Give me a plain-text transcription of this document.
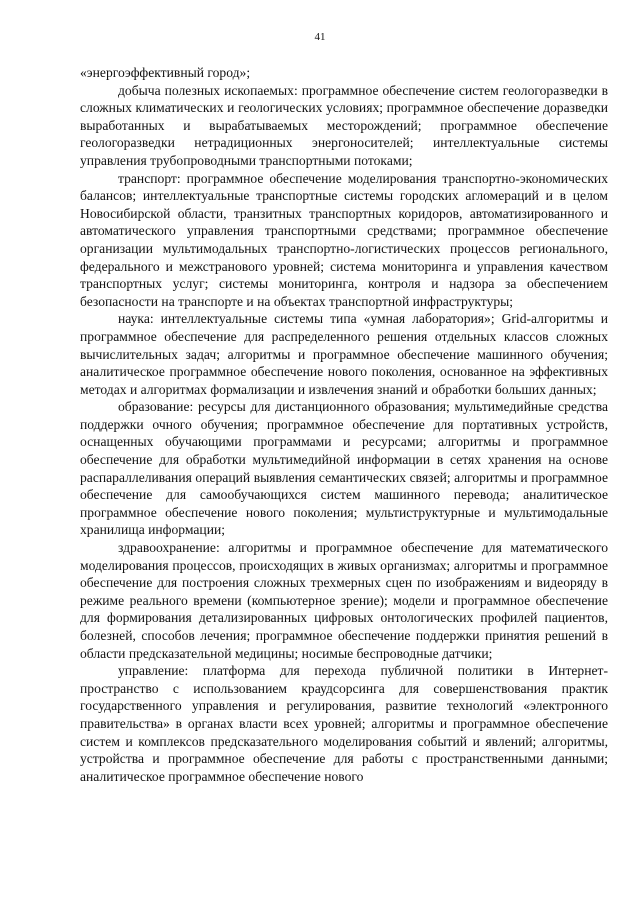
41

«энергоэффективный город»;

добыча полезных ископаемых: программное обеспечение систем геологоразведки в сложных климатических и геологических условиях; программное обеспечение доразведки выработанных и вырабатываемых месторождений; программное обеспечение геологоразведки нетрадиционных энергоносителей; интеллектуальные системы управления трубопроводными транспортными потоками;

транспорт: программное обеспечение моделирования транспортно-экономических балансов; интеллектуальные транспортные системы городских агломераций и в целом Новосибирской области, транзитных транспортных коридоров, автоматизированного и автоматического управления транспортными средствами; программное обеспечение организации мультимодальных транспортно-логистических процессов регионального, федерального и межстранового уровней; система мониторинга и управления качеством транспортных услуг; системы мониторинга, контроля и надзора за обеспечением безопасности на транспорте и на объектах транспортной инфраструктуры;

наука: интеллектуальные системы типа «умная лаборатория»; Grid-алгоритмы и программное обеспечение для распределенного решения отдельных классов сложных вычислительных задач; алгоритмы и программное обеспечение машинного обучения; аналитическое программное обеспечение нового поколения, основанное на эффективных методах и алгоритмах формализации и извлечения знаний и обработки больших данных;

образование: ресурсы для дистанционного образования; мультимедийные средства поддержки очного обучения; программное обеспечение для портативных устройств, оснащенных обучающими программами и ресурсами; алгоритмы и программное обеспечение для обработки мультимедийной информации в сетях хранения на основе распараллеливания операций выявления семантических связей; алгоритмы и программное обеспечение для самообучающихся систем машинного перевода; аналитическое программное обеспечение нового поколения; мультиструктурные и мультимодальные хранилища информации;

здравоохранение: алгоритмы и программное обеспечение для математического моделирования процессов, происходящих в живых организмах; алгоритмы и программное обеспечение для построения сложных трехмерных сцен по изображениям и видеоряду в режиме реального времени (компьютерное зрение); модели и программное обеспечение для формирования детализированных цифровых онтологических профилей пациентов, болезней, способов лечения; программное обеспечение поддержки принятия решений в области предсказательной медицины; носимые беспроводные датчики;

управление: платформа для перехода публичной политики в Интернет-пространство с использованием краудсорсинга для совершенствования практик государственного управления и регулирования, развитие технологий «электронного правительства» в органах власти всех уровней; алгоритмы и программное обеспечение систем и комплексов предсказательного моделирования событий и явлений; алгоритмы, устройства и программное обеспечение для работы с пространственными данными; аналитическое программное обеспечение нового
